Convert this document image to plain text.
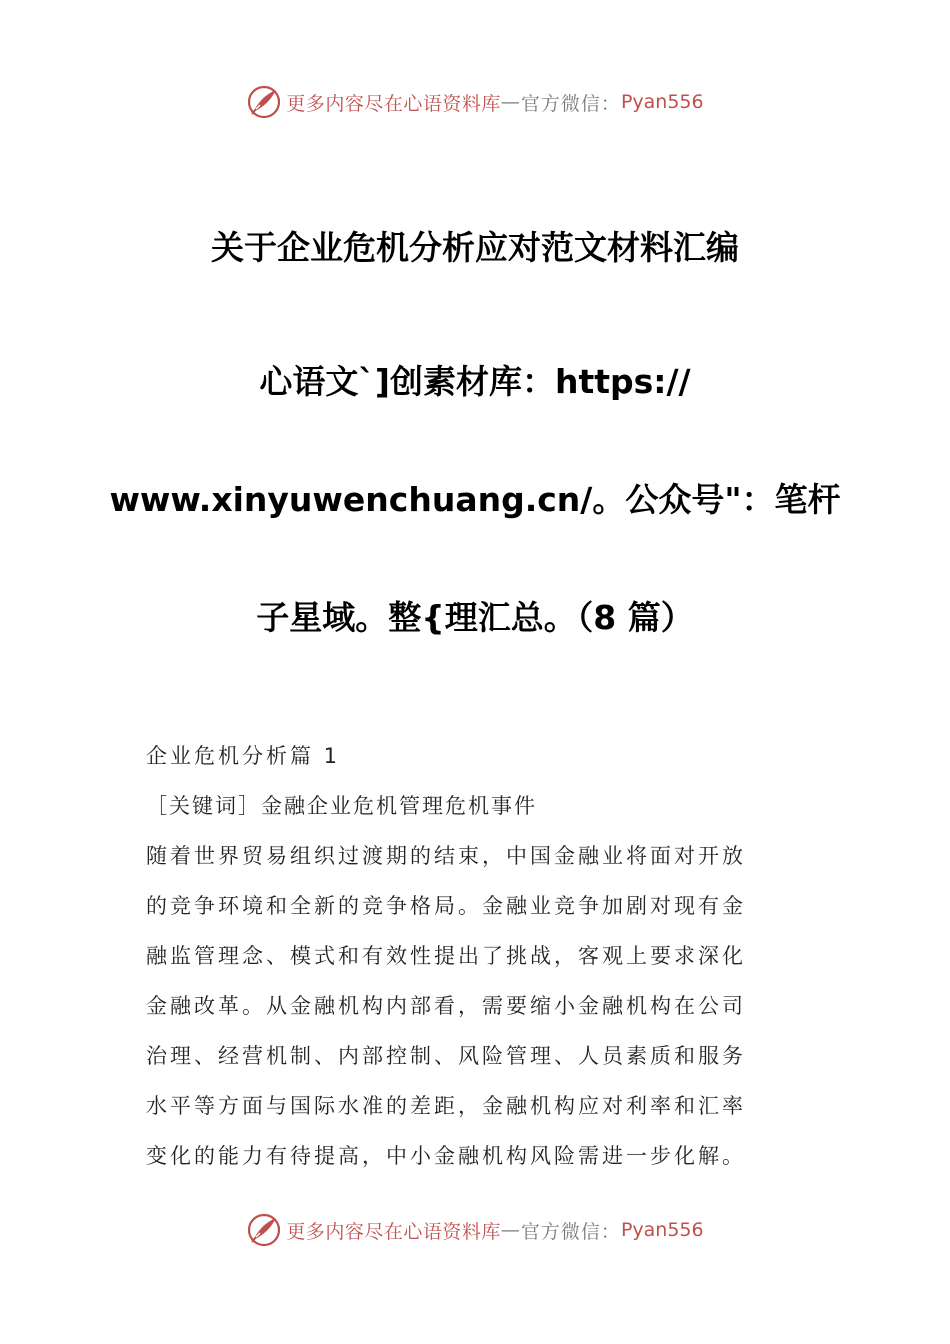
更多内容尽在心语资料库 — 官方微信： Pyan556
关于企业危机分析应对范文材料汇编
心语文`]创素材库：https://
www.xinyuwenchuang.cn/。公众号"：笔杆
子星域。整{理汇总。（8 篇）
企业危机分析篇 1
［关键词］金融企业危机管理危机事件
随着世界贸易组织过渡期的结束，中国金融业将面对开放
的竞争环境和全新的竞争格局。金融业竞争加剧对现有金
融监管理念、模式和有效性提出了挑战，客观上要求深化
金融改革。从金融机构内部看，需要缩小金融机构在公司
治理、经营机制、内部控制、风险管理、人员素质和服务
水平等方面与国际水准的差距，金融机构应对利率和汇率
变化的能力有待提高，中小金融机构风险需进一步化解。
更多内容尽在心语资料库 — 官方微信： Pyan556
